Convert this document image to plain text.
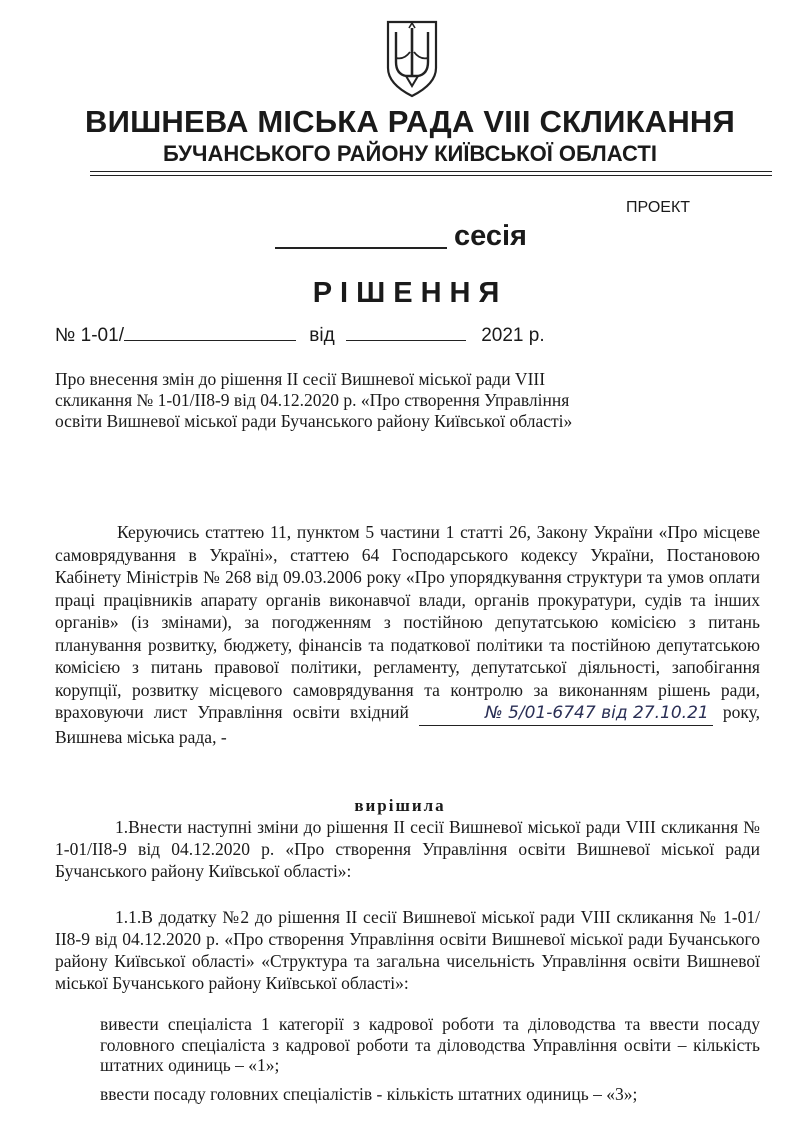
ВИШНЕВА МІСЬКА РАДА VIII СКЛИКАННЯ
БУЧАНСЬКОГО РАЙОНУ КИЇВСЬКОЇ ОБЛАСТІ
ПРОЕКТ
сесія
РІШЕННЯ
№ 1-01/	від	2021 р.
Про внесення змін до рішення ІІ сесії Вишневої міської ради VIII скликання № 1-01/ІІ8-9 від 04.12.2020 р. «Про створення Управління освіти Вишневої міської ради Бучанського району Київської області»
Керуючись статтею 11, пунктом 5 частини 1 статті 26, Закону України «Про місцеве самоврядування в Україні», статтею 64 Господарського кодексу України, Постановою Кабінету Міністрів № 268 від 09.03.2006 року «Про упорядкування структури та умов оплати праці працівників апарату органів виконавчої влади, органів прокуратури, судів та інших органів» (із змінами), за погодженням з постійною депутатською комісією з питань планування розвитку, бюджету, фінансів та податкової політики та постійною депутатською комісією з питань правової політики, регламенту, депутатської діяльності, запобігання корупції, розвитку місцевого самоврядування та контролю за виконанням рішень ради, враховуючи лист Управління освіти вхідний	№ 5/01-6747 від 27.10.21 року, Вишнева міська рада, -
вирішила
1.Внести наступні зміни до рішення ІІ сесії Вишневої міської ради VIII скликання № 1-01/ІІ8-9 від 04.12.2020 р. «Про створення Управління освіти Вишневої міської ради Бучанського району Київської області»:
1.1.В додатку №2 до рішення ІІ сесії Вишневої міської ради VIII скликання № 1-01/ІІ8-9 від 04.12.2020 р. «Про створення Управління освіти Вишневої міської ради Бучанського району Київської області» «Структура та загальна чисельність Управління освіти Вишневої міської Бучанського району Київської області»:
вивести спеціаліста 1 категорії з кадрової роботи та діловодства та ввести посаду головного спеціаліста з кадрової роботи та діловодства Управління освіти – кількість штатних одиниць – «1»;
ввести посаду головних спеціалістів - кількість штатних одиниць – «3»;
